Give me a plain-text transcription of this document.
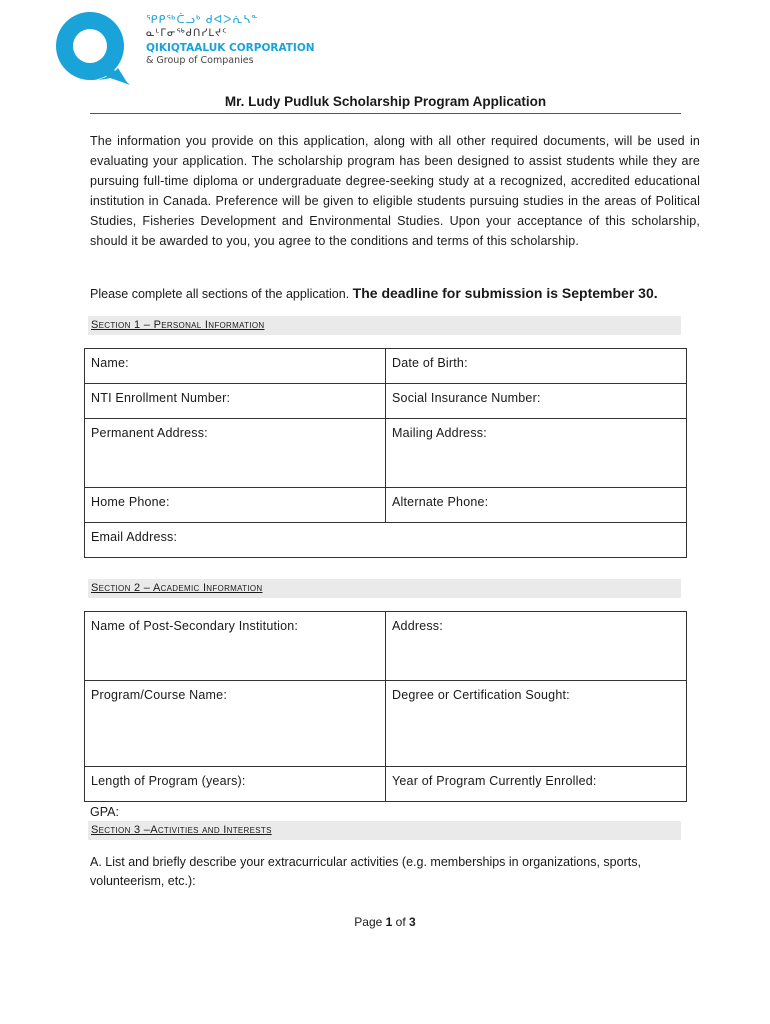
ᕿᑭᖅᑖᓗᒃ ᑯᐊᐳᕇᓴᓐ
ᓇᒻᒥᓂᖅᑯᑎᓯᒪᔪᑦ
QIKIQTAALUK CORPORATION
& Group of Companies
Mr. Ludy Pudluk Scholarship Program Application
The information you provide on this application, along with all other required documents, will be used in evaluating your application. The scholarship program has been designed to assist students while they are pursuing full-time diploma or undergraduate degree-seeking study at a recognized, accredited educational institution in Canada. Preference will be given to eligible students pursuing studies in the areas of Political Studies, Fisheries Development and Environmental Studies. Upon your acceptance of this scholarship, should it be awarded to you, you agree to the conditions and terms of this scholarship.
Please complete all sections of the application. The deadline for submission is September 30.
Section 1 – Personal Information
Name:	Date of Birth:
NTI Enrollment Number:	Social Insurance Number:
Permanent Address:	Mailing Address:
Home Phone:	Alternate Phone:
Email Address:	
Section 2 – Academic Information
Name of Post-Secondary Institution:	Address:
Program/Course Name:	Degree or Certification Sought:
Length of Program (years):	Year of Program Currently Enrolled:
GPA:
Section 3 –Activities and Interests
A. List and briefly describe your extracurricular activities (e.g. memberships in organizations, sports, volunteerism, etc.):
Page 1 of 3
